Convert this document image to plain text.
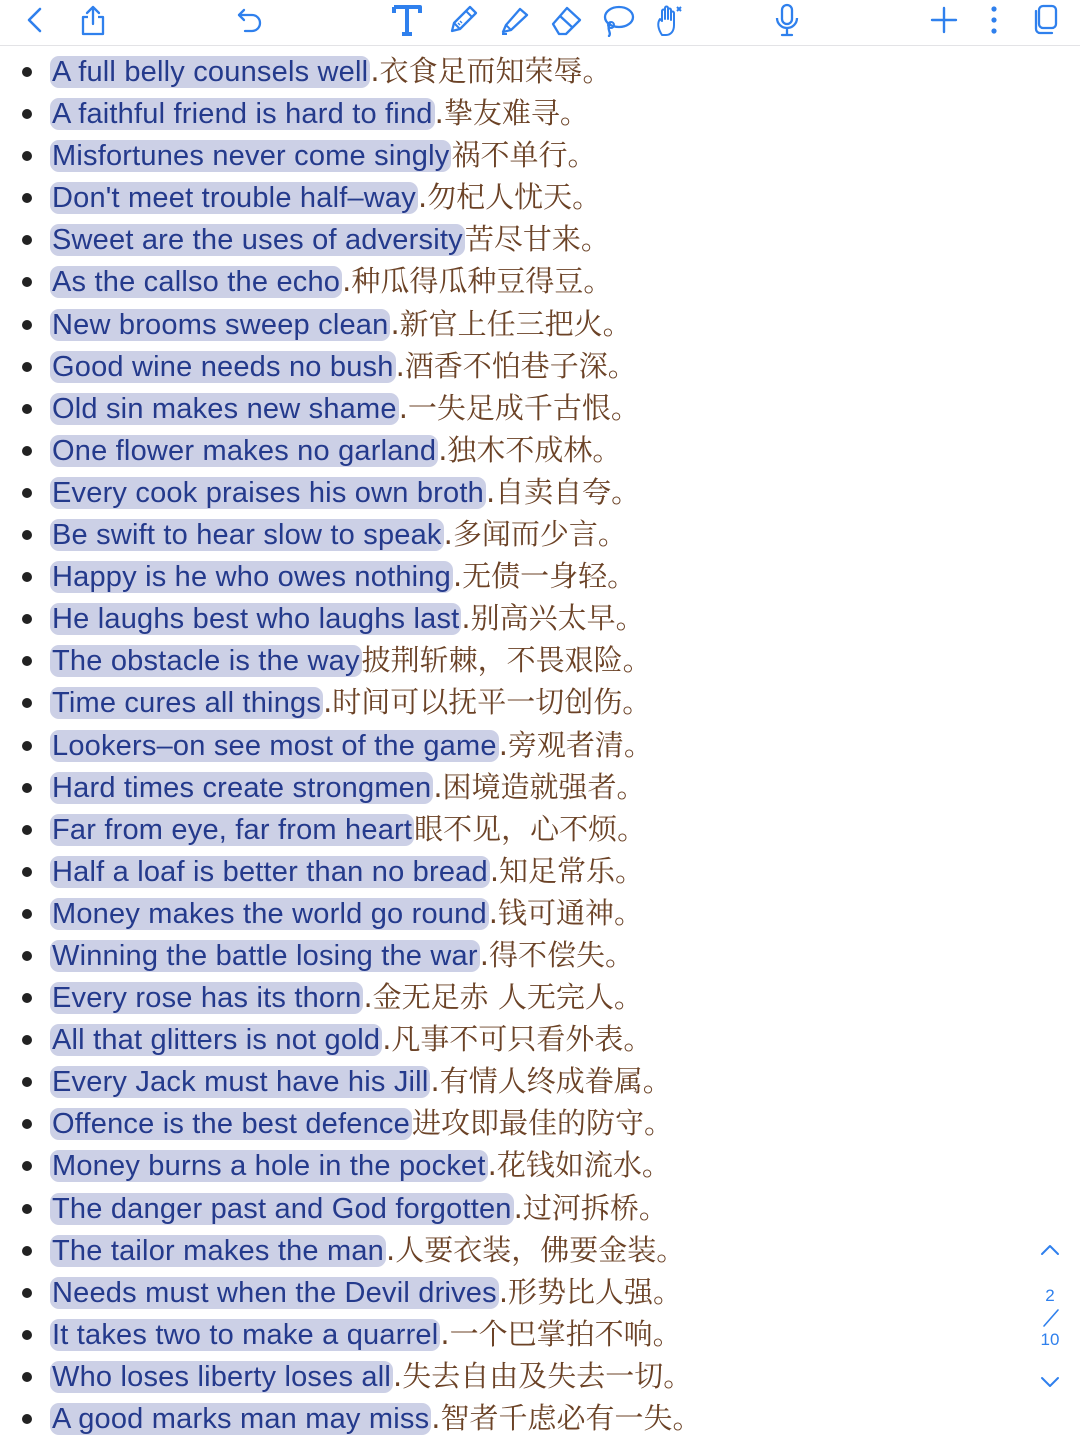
A full belly counsels well.衣食足而知荣辱。
A faithful friend is hard to find.挚友难寻。
Misfortunes never come singly祸不单行。
Don't meet trouble half–way.勿杞人忧天。
Sweet are the uses of adversity苦尽甘来。
As the callso the echo.种瓜得瓜种豆得豆。
New brooms sweep clean.新官上任三把火。
Good wine needs no bush.酒香不怕巷子深。
Old sin makes new shame.一失足成千古恨。
One flower makes no garland.独木不成林。
Every cook praises his own broth.自卖自夸。
Be swift to hear slow to speak.多闻而少言。
Happy is he who owes nothing.无债一身轻。
He laughs best who laughs last.别高兴太早。
The obstacle is the way披荆斩棘，不畏艰险。
Time cures all things.时间可以抚平一切创伤。
Lookers–on see most of the game.旁观者清。
Hard times create strongmen.困境造就强者。
Far from eye, far from heart眼不见，心不烦。
Half a loaf is better than no bread.知足常乐。
Money makes the world go round.钱可通神。
Winning the battle losing the war.得不偿失。
Every rose has its thorn.金无足赤 人无完人。
All that glitters is not gold.凡事不可只看外表。
Every Jack must have his Jill.有情人终成眷属。
Offence is the best defence进攻即最佳的防守。
Money burns a hole in the pocket.花钱如流水。
The danger past and God forgotten.过河拆桥。
The tailor makes the man.人要衣装，佛要金装。
Needs must when the Devil drives.形势比人强。
It takes two to make a quarrel.一个巴掌拍不响。
Who loses liberty loses all.失去自由及失去一切。
A good marks man may miss.智者千虑必有一失。
2
10
